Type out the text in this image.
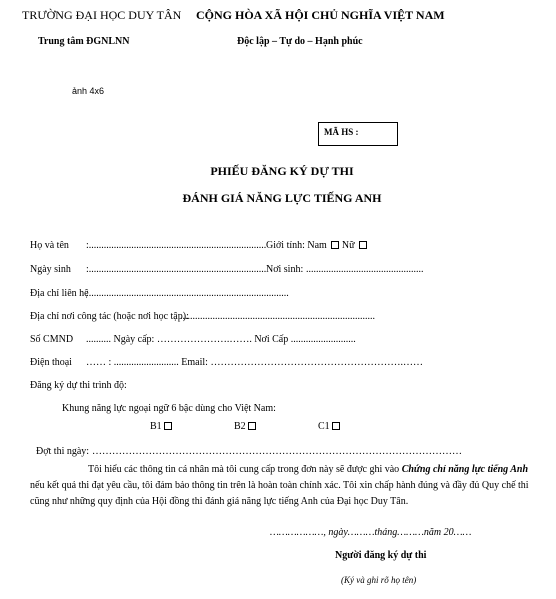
TRƯỜNG ĐẠI HỌC DUY TÂN CỘNG HÒA XÃ HỘI CHỦ NGHĨA VIỆT NAM
Trung tâm ĐGNLNN	Độc lập – Tự do – Hạnh phúc
ảnh 4x6
MÃ HS :
PHIẾU ĐĂNG KÝ DỰ THI
ĐÁNH GIÁ NĂNG LỰC TIẾNG ANH
Họ và tên :....................................................................... Giới tính: Nam Nữ
Ngày sinh :....................................................................... Nơi sinh: ...............................................
Địa chỉ liên hệ
:................................................................................
Địa chỉ nơi công tác (hoặc nơi học tập):
..............................................................................
Số CMND .......... Ngày cấp: ………………….……. Nơi Cấp ..........................
Điện thoại …… : .......................... Email: ………………………………………………….……
Đăng ký dự thi trình độ:
Khung năng lực ngoại ngữ 6 bậc dùng cho Việt Nam:
B1	B2	C1
Đợt thi ngày: …………………………………………………………………………………………………
Tôi hiểu các thông tin cá nhân mà tôi cung cấp trong đơn này sẽ được ghi vào Chứng chỉ năng lực tiếng Anh nếu kết quả thi đạt yêu cầu, tôi đảm bảo thông tin trên là hoàn toàn chính xác. Tôi xin chấp hành đúng và đầy đủ Quy chế thi cũng như những quy định của Hội đồng thi đánh giá năng lực tiếng Anh của Đại học Duy Tân.
………………, ngày………tháng………năm 20……
Người đăng ký dự thi
(Ký và ghi rõ họ tên)
